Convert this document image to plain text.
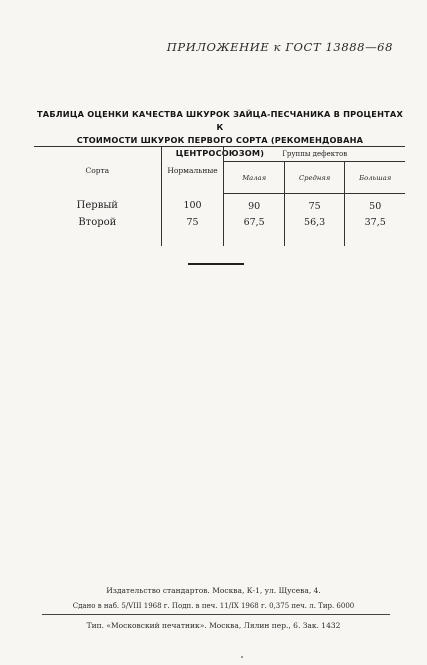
ПРИЛОЖЕНИЕ к ГОСТ 13888—68
ТАБЛИЦА ОЦЕНКИ КАЧЕСТВА ШКУРОК ЗАЙЦА-ПЕСЧАНИКА В ПРОЦЕНТАХ К
СТОИМОСТИ ШКУРОК ПЕРВОГО СОРТА (РЕКОМЕНДОВАНА ЦЕНТРОСОЮЗОМ)
Сорта	Нормальные	Группы дефектов		
		Малая	Средняя	Большая
Первый	100	90	75	50
Второй	75	67,5	56,3	37,5

Издательство стандартов. Москва, К-1, ул. Щусева, 4.
Сдано в наб. 5/VIII 1968 г. Подп. в печ. 11/IX 1968 г. 0,375 печ. л. Тир. 6000
Тип. «Московский печатник». Москва, Лялин пер., 6. Зак. 1432
